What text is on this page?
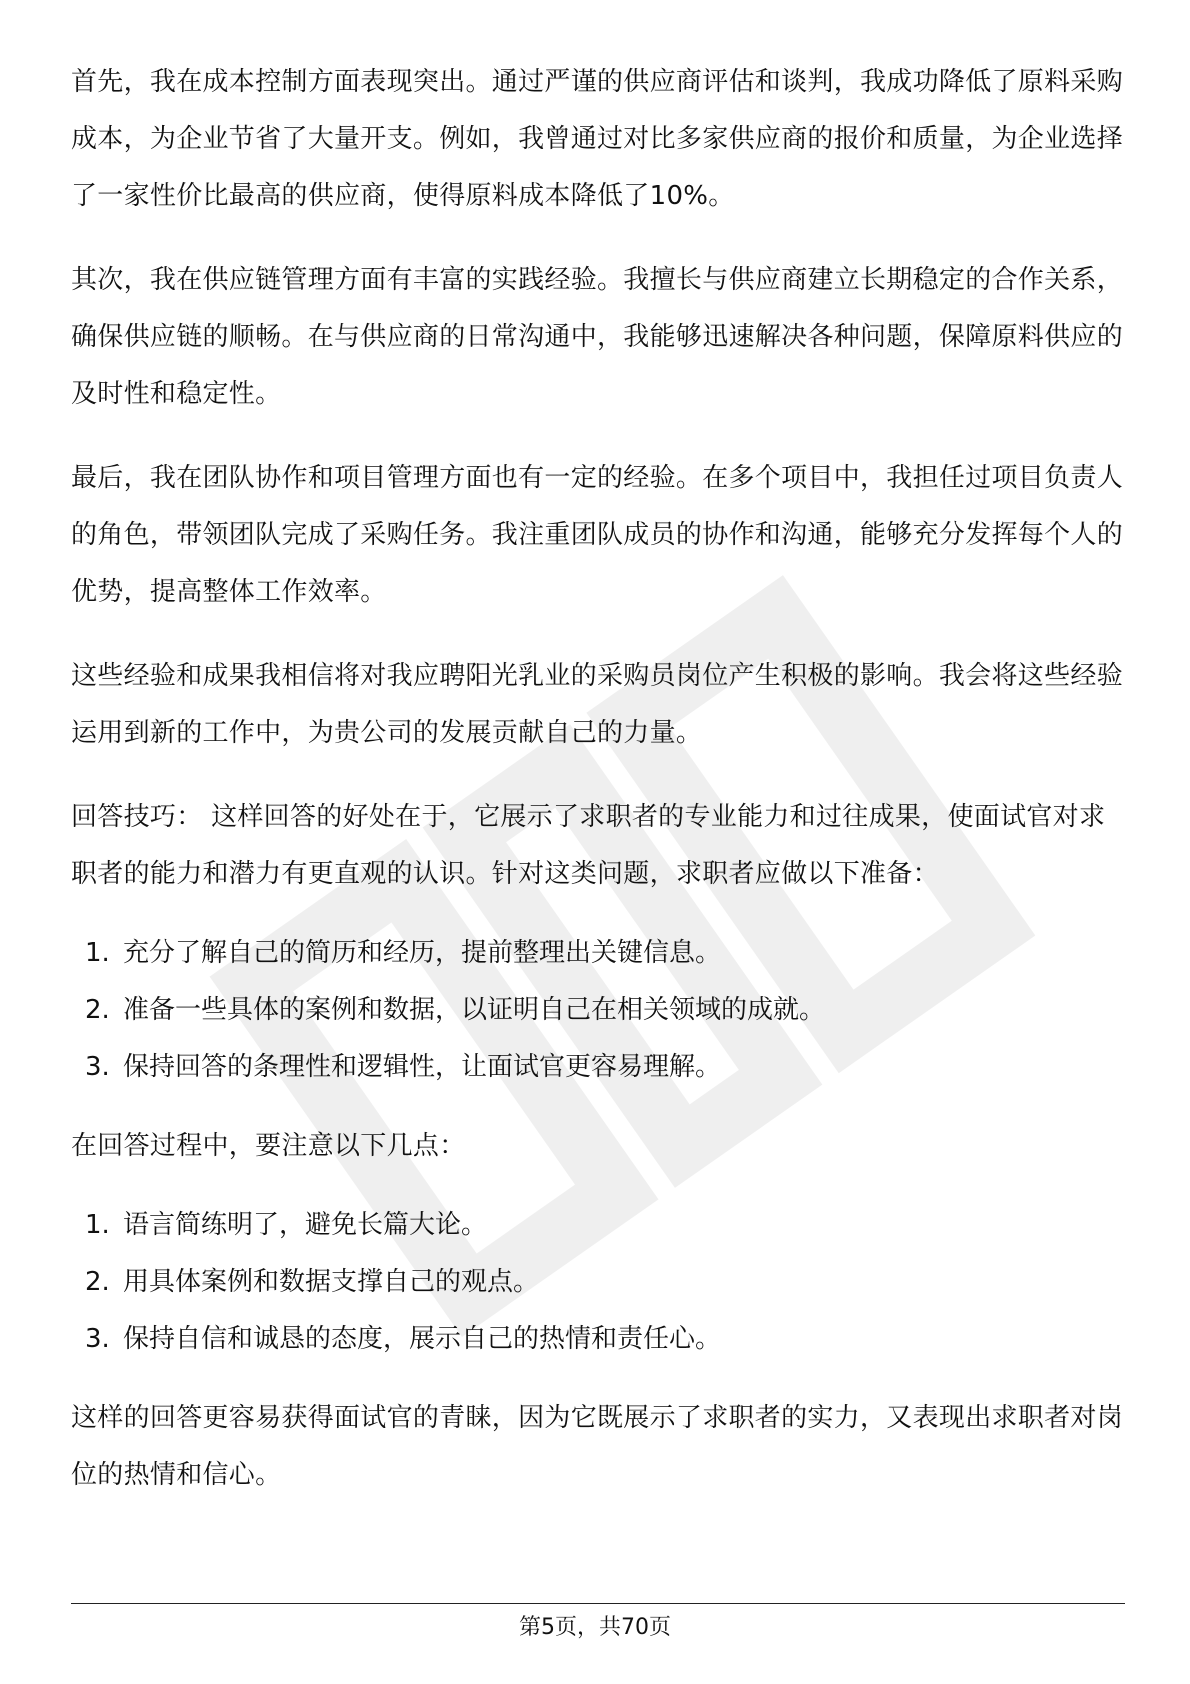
首先，我在成本控制方面表现突出。通过严谨的供应商评估和谈判，我成功降低了原料采购成本，为企业节省了大量开支。例如，我曾通过对比多家供应商的报价和质量，为企业选择了一家性价比最高的供应商，使得原料成本降低了10%。

其次，我在供应链管理方面有丰富的实践经验。我擅长与供应商建立长期稳定的合作关系，确保供应链的顺畅。在与供应商的日常沟通中，我能够迅速解决各种问题，保障原料供应的及时性和稳定性。

最后，我在团队协作和项目管理方面也有一定的经验。在多个项目中，我担任过项目负责人的角色，带领团队完成了采购任务。我注重团队成员的协作和沟通，能够充分发挥每个人的优势，提高整体工作效率。

这些经验和成果我相信将对我应聘阳光乳业的采购员岗位产生积极的影响。我会将这些经验运用到新的工作中，为贵公司的发展贡献自己的力量。

回答技巧： 这样回答的好处在于，它展示了求职者的专业能力和过往成果，使面试官对求职者的能力和潜力有更直观的认识。针对这类问题，求职者应做以下准备：

1. 充分了解自己的简历和经历，提前整理出关键信息。
2. 准备一些具体的案例和数据，以证明自己在相关领域的成就。
3. 保持回答的条理性和逻辑性，让面试官更容易理解。

在回答过程中，要注意以下几点：

1. 语言简练明了，避免长篇大论。
2. 用具体案例和数据支撑自己的观点。
3. 保持自信和诚恳的态度，展示自己的热情和责任心。

这样的回答更容易获得面试官的青睐，因为它既展示了求职者的实力，又表现出求职者对岗位的热情和信心。

第5页，共70页
